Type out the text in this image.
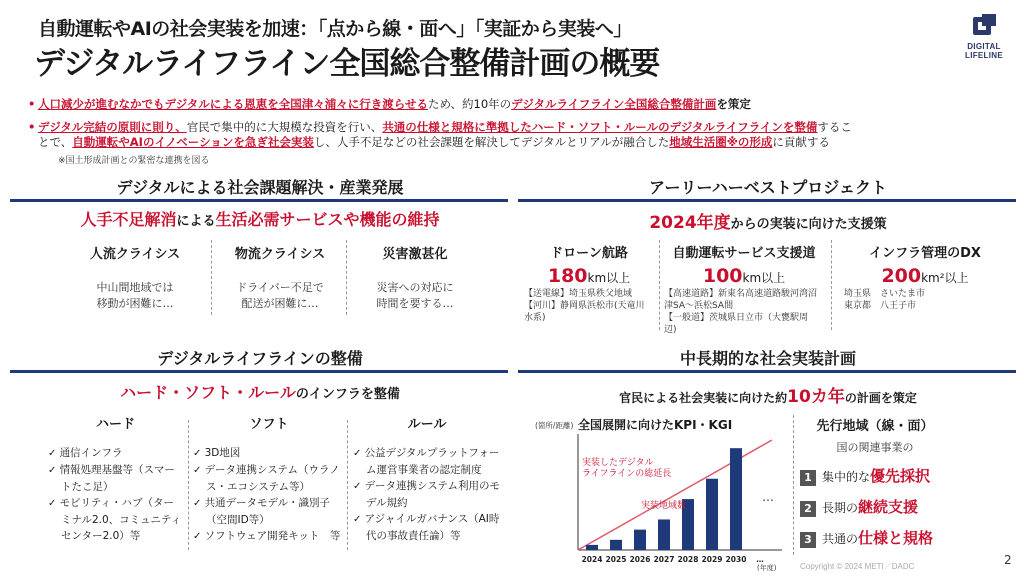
自動運転やAIの社会実装を加速：「点から線・面へ」「実証から実装へ」
デジタルライフライン全国総合整備計画の概要	DIGITAL
LIFELINE
• 人口減少が進むなかでもデジタルによる恩恵を全国津々浦々に行き渡らせるため、約10年のデジタルライフライン全国総合整備計画を策定
• デジタル完結の原則に則り、官民で集中的に大規模な投資を行い、共通の仕様と規格に準拠したハード・ソフト・ルールのデジタルライフラインを整備するこ
とで、自動運転やAIのイノベーションを急ぎ社会実装し、人手不足などの社会課題を解決してデジタルとリアルが融合した地域生活圏※の形成に貢献する
※国土形成計画との緊密な連携を図る
デジタルによる社会課題解決・産業発展
人手不足解消による生活必需サービスや機能の維持
人流クライシス
中山間地域では
移動が困難に…
物流クライシス
ドライバー不足で
配送が困難に…
災害激甚化
災害への対応に
時間を要する…
アーリーハーベストプロジェクト
2024年度からの実装に向けた支援策
ドローン航路
180km以上
【送電線】埼玉県秩父地域
【河川】静岡県浜松市(天竜川
水系)
自動運転サービス支援道
100km以上
【高速道路】新東名高速道路駿河湾沼
津SA～浜松SA間
【一般道】茨城県日立市（大甕駅周
辺)
インフラ管理のDX
200km²以上
埼玉県　さいたま市
東京都　八王子市
デジタルライフラインの整備
ハード・ソフト・ルールのインフラを整備
ハード
✓ 通信インフラ
✓ 情報処理基盤等（スマートたこ足）
✓ モビリティ・ハブ（ターミナル2.0、コミュニティセンター2.0）等
ソフト
✓ 3D地図
✓ データ連携システム（ウラノス・エコシステム等）
✓ 共通データモデル・識別子（空間ID等）
✓ ソフトウェア開発キット　等
ルール
✓ 公益デジタルプラットフォーム運営事業者の認定制度
✓ データ連携システム利用のモデル規約
✓ アジャイルガバナンス（AI時代の事故責任論）等
中長期的な社会実装計画
官民による社会実装に向けた約10カ年の計画を策定
(箇所/距離) 全国展開に向けたKPI・KGI
2024 2025 2026 2027 2028 2029 2030 …
実装したデジタル
ライフラインの総延長
実装地域数
…
(年度)
先行地域（線・面）
国の関連事業の
1 集中的な優先採択
2 長期の継続支援
3 共通の仕様と規格
Copyright © 2024 METI／DADC	2
